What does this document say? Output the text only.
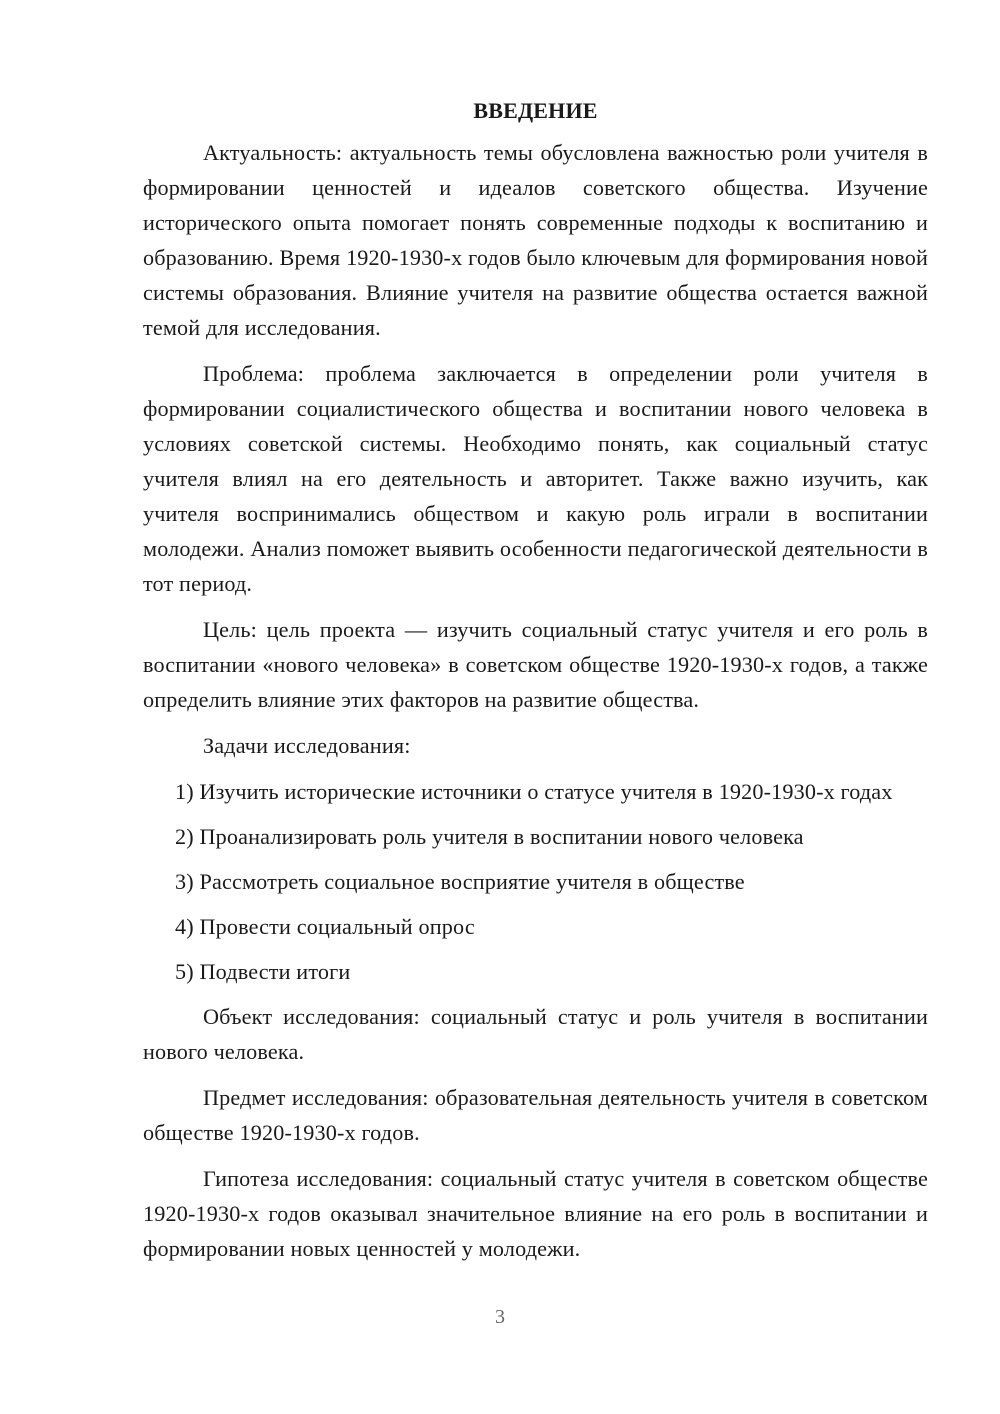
ВВЕДЕНИЕ

Актуальность: актуальность темы обусловлена важностью роли учителя в формировании ценностей и идеалов советского общества. Изучение исторического опыта помогает понять современные подходы к воспитанию и образованию. Время 1920-1930-х годов было ключевым для формирования новой системы образования. Влияние учителя на развитие общества остается важной темой для исследования.

Проблема: проблема заключается в определении роли учителя в формировании социалистического общества и воспитании нового человека в условиях советской системы. Необходимо понять, как социальный статус учителя влиял на его деятельность и авторитет. Также важно изучить, как учителя воспринимались обществом и какую роль играли в воспитании молодежи. Анализ поможет выявить особенности педагогической деятельности в тот период.

Цель: цель проекта — изучить социальный статус учителя и его роль в воспитании «нового человека» в советском обществе 1920-1930-х годов, а также определить влияние этих факторов на развитие общества.

Задачи исследования:

1) Изучить исторические источники о статусе учителя в 1920-1930-х годах

2) Проанализировать роль учителя в воспитании нового человека

3) Рассмотреть социальное восприятие учителя в обществе

4) Провести социальный опрос

5) Подвести итоги

Объект исследования: социальный статус и роль учителя в воспитании нового человека.

Предмет исследования: образовательная деятельность учителя в советском обществе 1920-1930-х годов.

Гипотеза исследования: социальный статус учителя в советском обществе 1920-1930-х годов оказывал значительное влияние на его роль в воспитании и формировании новых ценностей у молодежи.

3
